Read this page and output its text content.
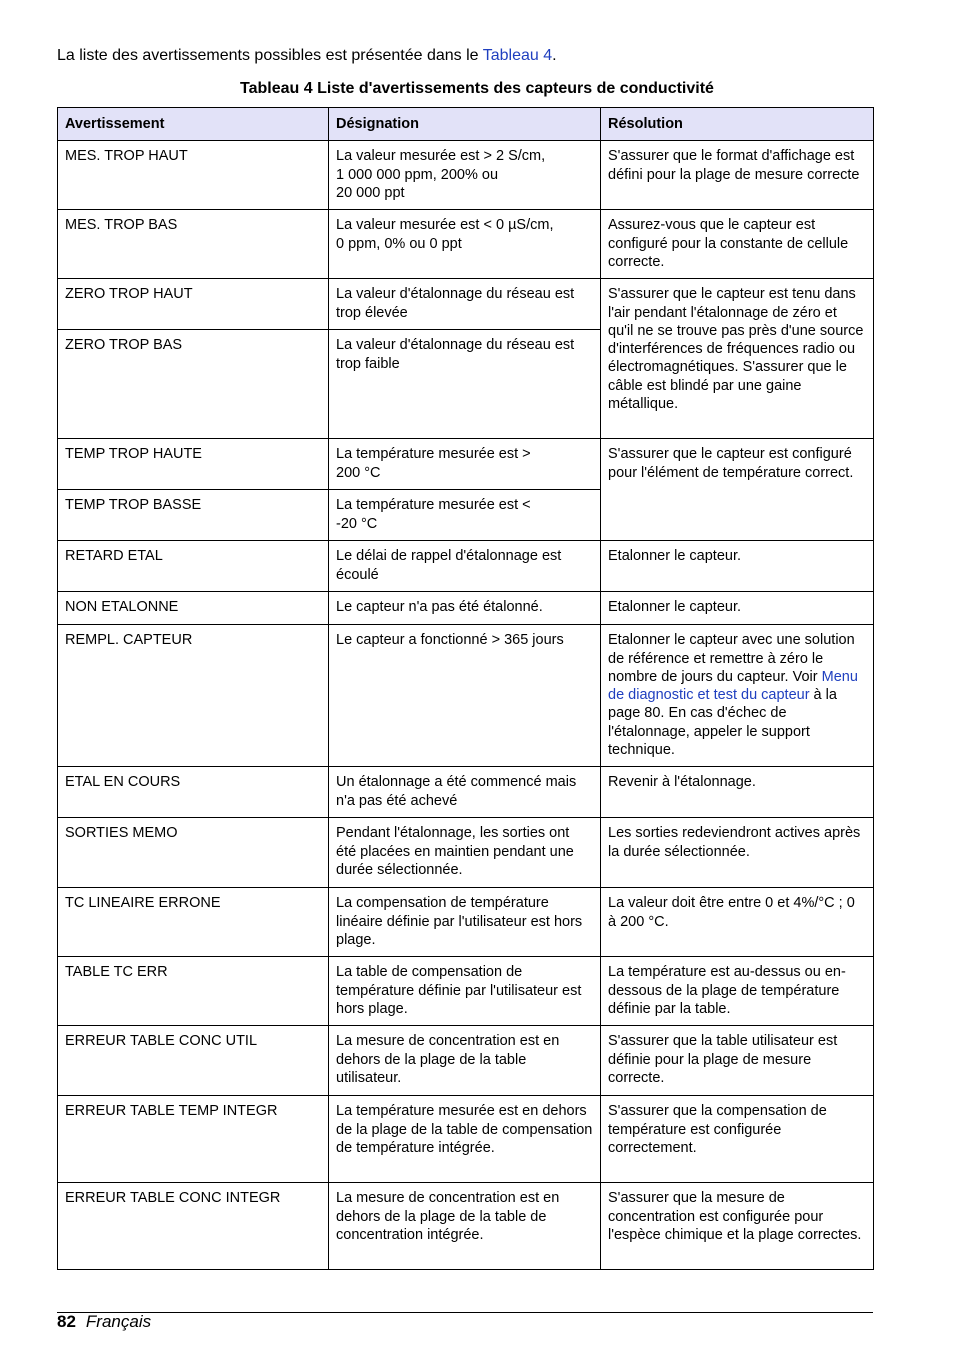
La liste des avertissements possibles est présentée dans le Tableau 4.

Tableau 4 Liste d'avertissements des capteurs de conductivité
Avertissement	Désignation	Résolution
MES. TROP HAUT	La valeur mesurée est > 2 S/cm,
1 000 000 ppm, 200% ou
20 000 ppt	S'assurer que le format d'affichage est défini pour la plage de mesure correcte
MES. TROP BAS	La valeur mesurée est < 0 µS/cm,
0 ppm, 0% ou 0 ppt	Assurez-vous que le capteur est configuré pour la constante de cellule correcte.
ZERO TROP HAUT	La valeur d'étalonnage du réseau est trop élevée	S'assurer que le capteur est tenu dans l'air pendant l'étalonnage de zéro et qu'il ne se trouve pas près d'une source d'interférences de fréquences radio ou électromagnétiques. S'assurer que le câble est blindé par une gaine métallique.
ZERO TROP BAS	La valeur d'étalonnage du réseau est trop faible	
TEMP TROP HAUTE	La température mesurée est >
200 °C	S'assurer que le capteur est configuré pour l'élément de température correct.
TEMP TROP BASSE	La température mesurée est <
-20 °C	
RETARD ETAL	Le délai de rappel d'étalonnage est écoulé	Etalonner le capteur.
NON ETALONNE	Le capteur n'a pas été étalonné.	Etalonner le capteur.
REMPL. CAPTEUR	Le capteur a fonctionné > 365 jours	Etalonner le capteur avec une solution de référence et remettre à zéro le nombre de jours du capteur. Voir Menu de diagnostic et test du capteur à la page 80. En cas d'échec de l'étalonnage, appeler le support technique.
ETAL EN COURS	Un étalonnage a été commencé mais n'a pas été achevé	Revenir à l'étalonnage.
SORTIES MEMO	Pendant l'étalonnage, les sorties ont été placées en maintien pendant une durée sélectionnée.	Les sorties redeviendront actives après la durée sélectionnée.
TC LINEAIRE ERRONE	La compensation de température linéaire définie par l'utilisateur est hors plage.	La valeur doit être entre 0 et 4%/°C ; 0 à 200 °C.
TABLE TC ERR	La table de compensation de température définie par l'utilisateur est hors plage.	La température est au-dessus ou en-dessous de la plage de température définie par la table.
ERREUR TABLE CONC UTIL	La mesure de concentration est en dehors de la plage de la table utilisateur.	S'assurer que la table utilisateur est définie pour la plage de mesure correcte.
ERREUR TABLE TEMP INTEGR	La température mesurée est en dehors de la plage de la table de compensation de température intégrée.	S'assurer que la compensation de température est configurée correctement.
ERREUR TABLE CONC INTEGR	La mesure de concentration est en dehors de la plage de la table de concentration intégrée.	S'assurer que la mesure de concentration est configurée pour l'espèce chimique et la plage correctes.
82 Français
